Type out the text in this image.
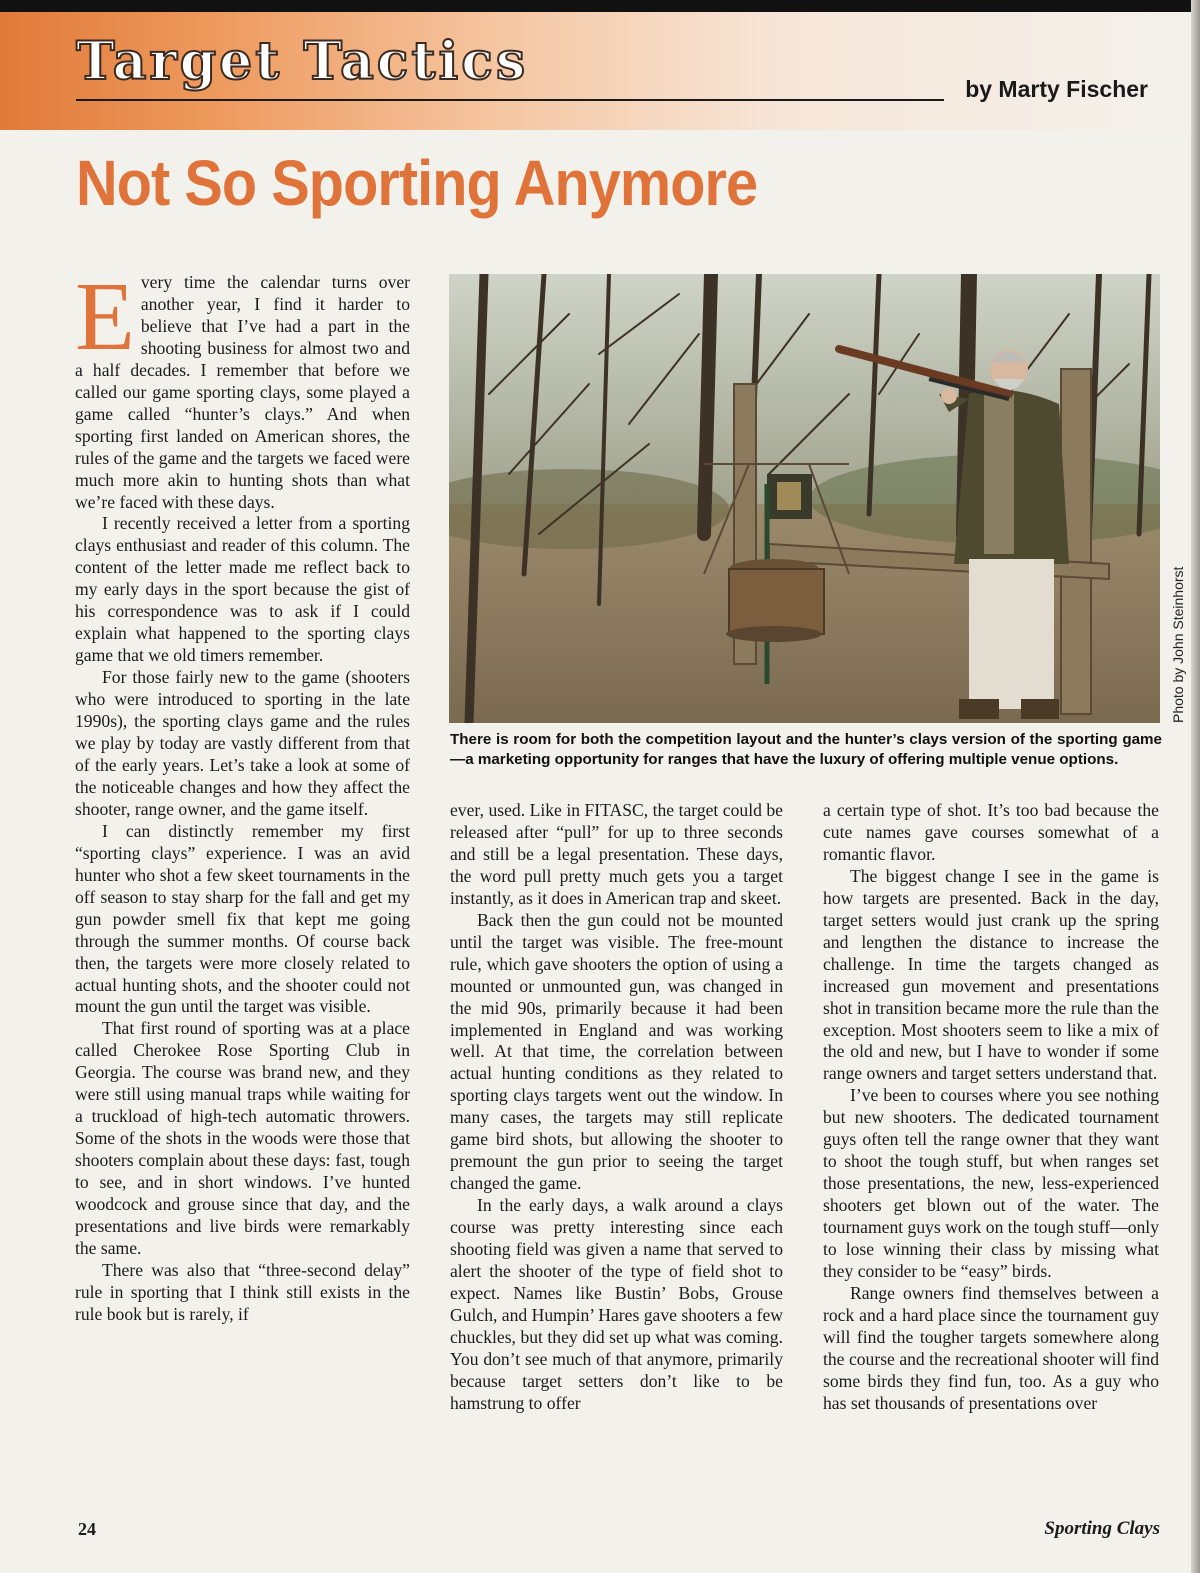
Target Tactics	by Marty Fischer
Not So Sporting Anymore

Every time the calendar turns over another year, I find it harder to believe that I’ve had a part in the shooting business for almost two and a half decades. I remember that before we called our game sporting clays, some played a game called “hunter’s clays.” And when sporting first landed on American shores, the rules of the game and the targets we faced were much more akin to hunting shots than what we’re faced with these days.

I recently received a letter from a sporting clays enthusiast and reader of this column. The content of the letter made me reflect back to my early days in the sport because the gist of his correspondence was to ask if I could explain what happened to the sporting clays game that we old timers remember.

For those fairly new to the game (shooters who were introduced to sporting in the late 1990s), the sporting clays game and the rules we play by today are vastly different from that of the early years. Let’s take a look at some of the noticeable changes and how they affect the shooter, range owner, and the game itself.

I can distinctly remember my first “sporting clays” experience. I was an avid hunter who shot a few skeet tournaments in the off season to stay sharp for the fall and get my gun powder smell fix that kept me going through the summer months. Of course back then, the targets were more closely related to actual hunting shots, and the shooter could not mount the gun until the target was visible.

That first round of sporting was at a place called Cherokee Rose Sporting Club in Georgia. The course was brand new, and they were still using manual traps while waiting for a truckload of high-tech automatic throwers. Some of the shots in the woods were those that shooters complain about these days: fast, tough to see, and in short windows. I’ve hunted woodcock and grouse since that day, and the presentations and live birds were remarkably the same.

There was also that “three-second delay” rule in sporting that I think still exists in the rule book but is rarely, if

Photo by John Steinhorst
There is room for both the competition layout and the hunter’s clays version of the sporting game—a marketing opportunity for ranges that have the luxury of offering multiple venue options.

ever, used. Like in FITASC, the target could be released after “pull” for up to three seconds and still be a legal presentation. These days, the word pull pretty much gets you a target instantly, as it does in American trap and skeet.

Back then the gun could not be mounted until the target was visible. The free-mount rule, which gave shooters the option of using a mounted or unmounted gun, was changed in the mid 90s, primarily because it had been implemented in England and was working well. At that time, the correlation between actual hunting conditions as they related to sporting clays targets went out the window. In many cases, the targets may still replicate game bird shots, but allowing the shooter to premount the gun prior to seeing the target changed the game.

In the early days, a walk around a clays course was pretty interesting since each shooting field was given a name that served to alert the shooter of the type of field shot to expect. Names like Bustin’ Bobs, Grouse Gulch, and Humpin’ Hares gave shooters a few chuckles, but they did set up what was coming. You don’t see much of that anymore, primarily because target setters don’t like to be hamstrung to offer

a certain type of shot. It’s too bad because the cute names gave courses somewhat of a romantic flavor.

The biggest change I see in the game is how targets are presented. Back in the day, target setters would just crank up the spring and lengthen the distance to increase the challenge. In time the targets changed as increased gun movement and presentations shot in transition became more the rule than the exception. Most shooters seem to like a mix of the old and new, but I have to wonder if some range owners and target setters understand that.

I’ve been to courses where you see nothing but new shooters. The dedicated tournament guys often tell the range owner that they want to shoot the tough stuff, but when ranges set those presentations, the new, less-experienced shooters get blown out of the water. The tournament guys work on the tough stuff—only to lose winning their class by missing what they consider to be “easy” birds.

Range owners find themselves between a rock and a hard place since the tournament guy will find the tougher targets somewhere along the course and the recreational shooter will find some birds they find fun, too. As a guy who has set thousands of presentations over

24	Sporting Clays
